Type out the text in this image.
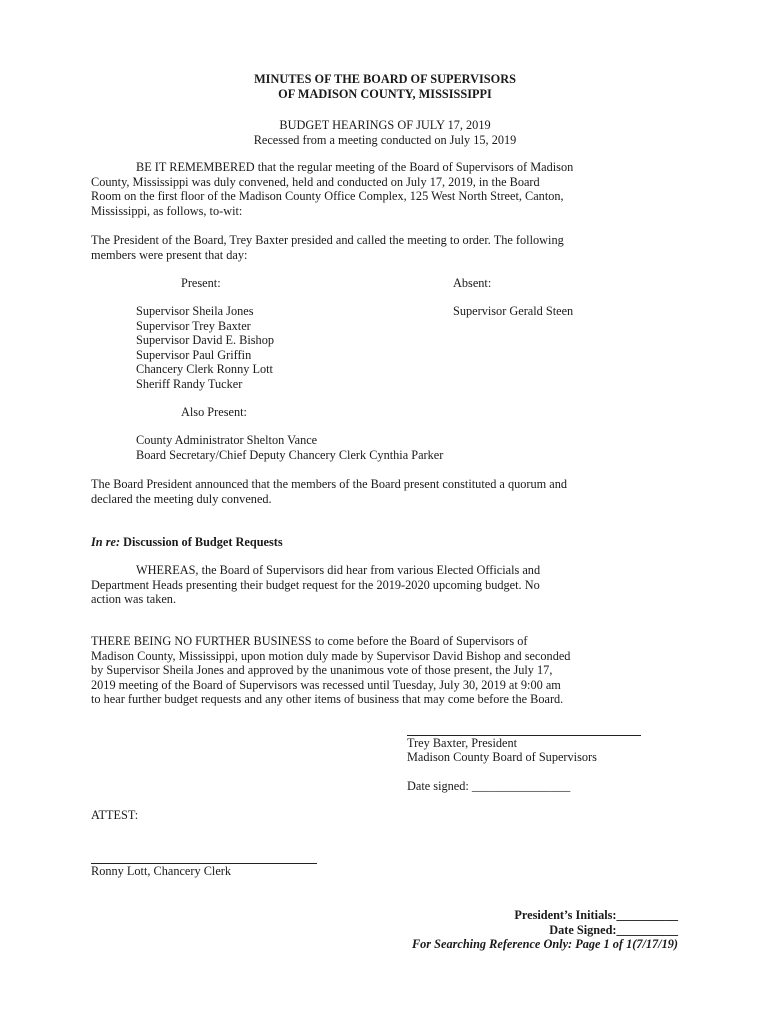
MINUTES OF THE BOARD OF SUPERVISORS
OF MADISON COUNTY, MISSISSIPPI
BUDGET HEARINGS OF JULY 17, 2019
Recessed from a meeting conducted on July 15, 2019
BE IT REMEMBERED that the regular meeting of the Board of Supervisors of Madison
County, Mississippi was duly convened, held and conducted on July 17, 2019, in the Board
Room on the first floor of the Madison County Office Complex, 125 West North Street, Canton,
Mississippi, as follows, to-wit:
The President of the Board, Trey Baxter presided and called the meeting to order. The following
members were present that day:
Present:	Absent:
Supervisor Sheila Jones
Supervisor Trey Baxter
Supervisor David E. Bishop
Supervisor Paul Griffin
Chancery Clerk Ronny Lott
Sheriff Randy Tucker
Supervisor Gerald Steen
Also Present:
County Administrator Shelton Vance
Board Secretary/Chief Deputy Chancery Clerk Cynthia Parker
The Board President announced that the members of the Board present constituted a quorum and
declared the meeting duly convened.
In re: Discussion of Budget Requests
WHEREAS, the Board of Supervisors did hear from various Elected Officials and
Department Heads presenting their budget request for the 2019-2020 upcoming budget. No
action was taken.
THERE BEING NO FURTHER BUSINESS to come before the Board of Supervisors of
Madison County, Mississippi, upon motion duly made by Supervisor David Bishop and seconded
by Supervisor Sheila Jones and approved by the unanimous vote of those present, the July 17,
2019 meeting of the Board of Supervisors was recessed until Tuesday, July 30, 2019 at 9:00 am
to hear further budget requests and any other items of business that may come before the Board.
Trey Baxter, President
Madison County Board of Supervisors
Date signed: ________________
ATTEST:
Ronny Lott, Chancery Clerk
President’s Initials:__________
Date Signed:__________
For Searching Reference Only: Page 1 of 1(7/17/19)
